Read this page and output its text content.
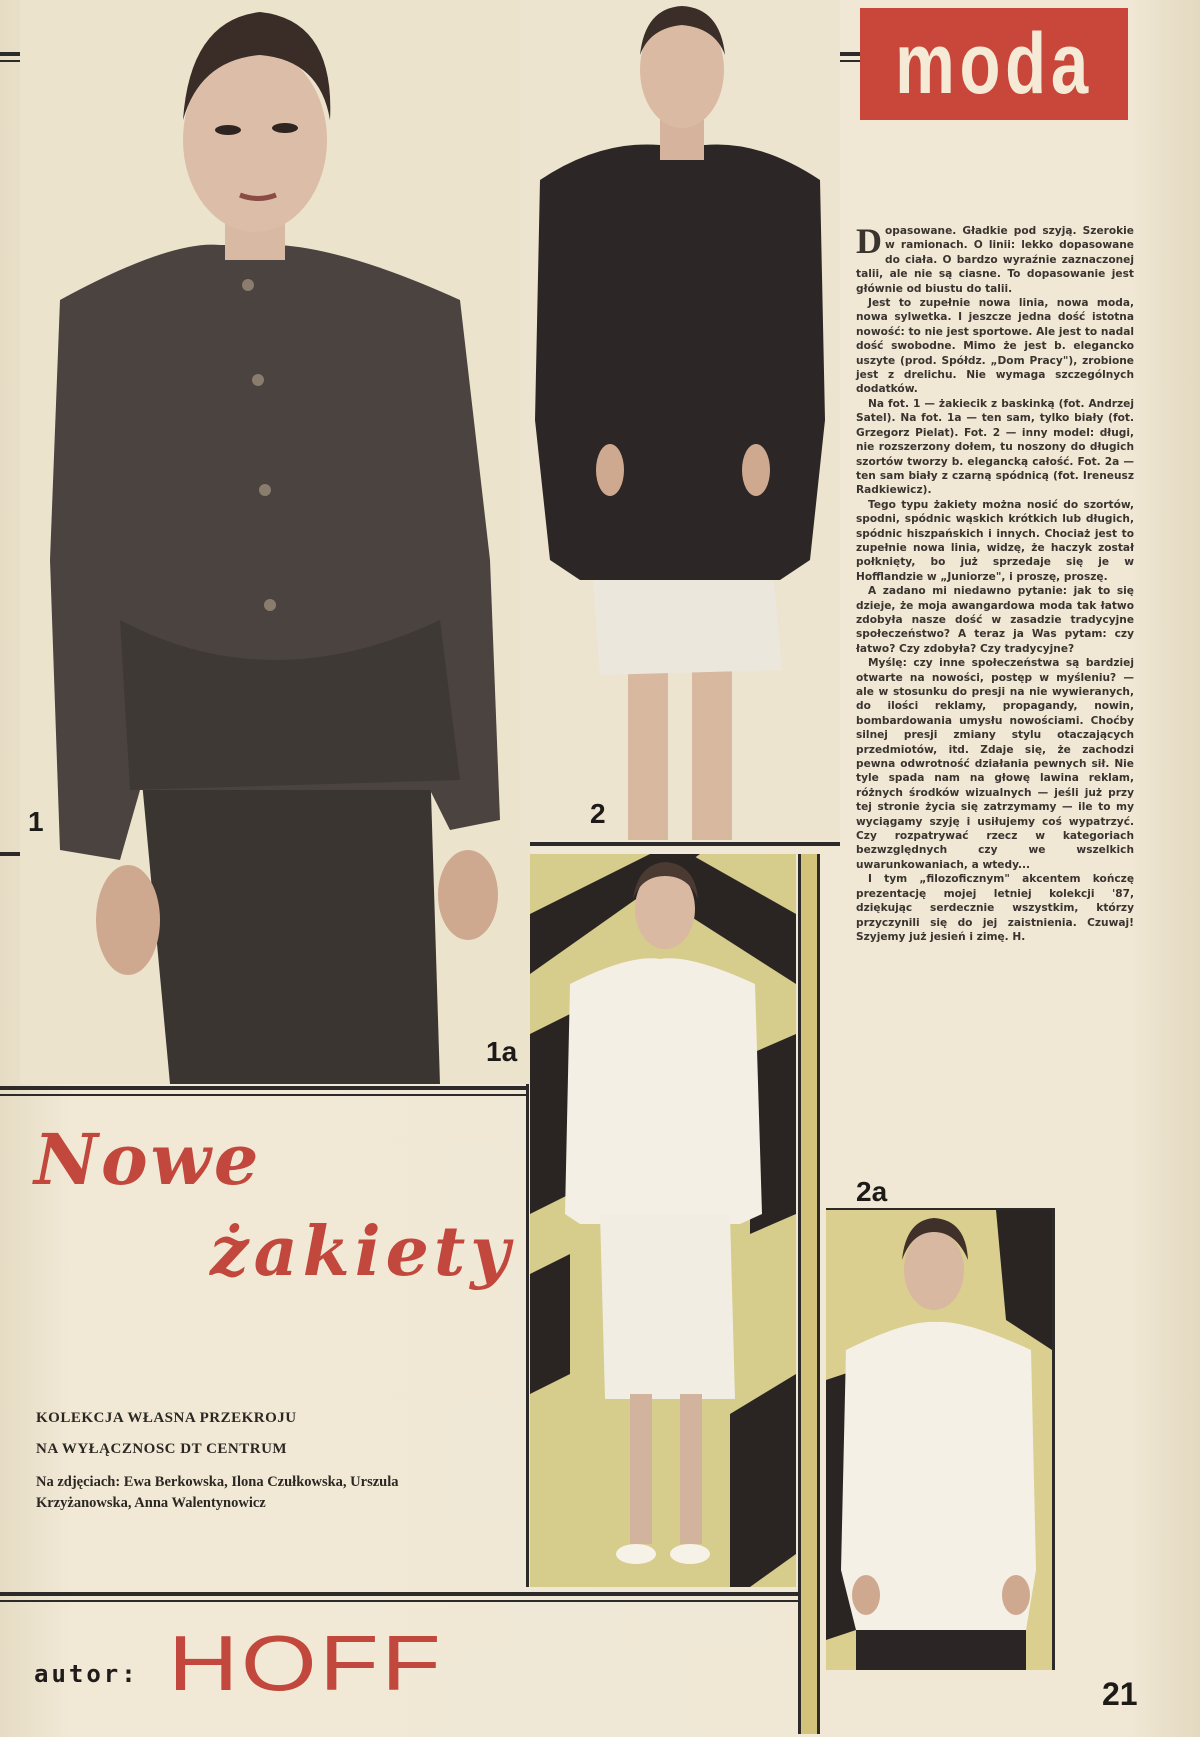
1
1a
2
moda
2a

Dopasowane. Gładkie pod szyją. Szerokie w ramionach. O linii: lekko dopasowane do ciała. O bardzo wyraźnie zaznaczonej talii, ale nie są ciasne. To dopasowanie jest głównie od biustu do talii.

Jest to zupełnie nowa linia, nowa moda, nowa sylwetka. I jeszcze jedna dość istotna nowość: to nie jest sportowe. Ale jest to nadal dość swobodne. Mimo że jest b. elegancko uszyte (prod. Spółdz. „Dom Pracy"), zrobione jest z drelichu. Nie wymaga szczególnych dodatków.

Na fot. 1 — żakiecik z baskinką (fot. Andrzej Satel). Na fot. 1a — ten sam, tylko biały (fot. Grzegorz Pielat). Fot. 2 — inny model: długi, nie rozszerzony dołem, tu noszony do długich szortów tworzy b. elegancką całość. Fot. 2a — ten sam biały z czarną spódnicą (fot. Ireneusz Radkiewicz).

Tego typu żakiety można nosić do szortów, spodni, spódnic wąskich krótkich lub długich, spódnic hiszpańskich i innych. Chociaż jest to zupełnie nowa linia, widzę, że haczyk został połknięty, bo już sprzedaje się je w Hofflandzie w „Juniorze", i proszę, proszę.

A zadano mi niedawno pytanie: jak to się dzieje, że moja awangardowa moda tak łatwo zdobyła nasze dość w zasadzie tradycyjne społeczeństwo? A teraz ja Was pytam: czy łatwo? Czy zdobyła? Czy tradycyjne?

Myślę: czy inne społeczeństwa są bardziej otwarte na nowości, postęp w myśleniu? — ale w stosunku do presji na nie wywieranych, do ilości reklamy, propagandy, nowin, bombardowania umysłu nowościami. Choćby silnej presji zmiany stylu otaczających przedmiotów, itd. Zdaje się, że zachodzi pewna odwrotność działania pewnych sił. Nie tyle spada nam na głowę lawina reklam, różnych środków wizualnych — jeśli już przy tej stronie życia się zatrzymamy — ile to my wyciągamy szyję i usiłujemy coś wypatrzyć. Czy rozpatrywać rzecz w kategoriach bezwzględnych czy we wszelkich uwarunkowaniach, a wtedy...

I tym „filozoficznym" akcentem kończę prezentację mojej letniej kolekcji '87, dziękując serdecznie wszystkim, którzy przyczynili się do jej zaistnienia. Czuwaj! Szyjemy już jesień i zimę. H.

Nowe
żakiety
KOLEKCJA WŁASNA PRZEKROJU
NA WYŁĄCZNOSC DT CENTRUM
Na zdjęciach: Ewa Berkowska, Ilona Czułkowska, Urszula Krzyżanowska, Anna Walentynowicz
autor: HOFF	21
